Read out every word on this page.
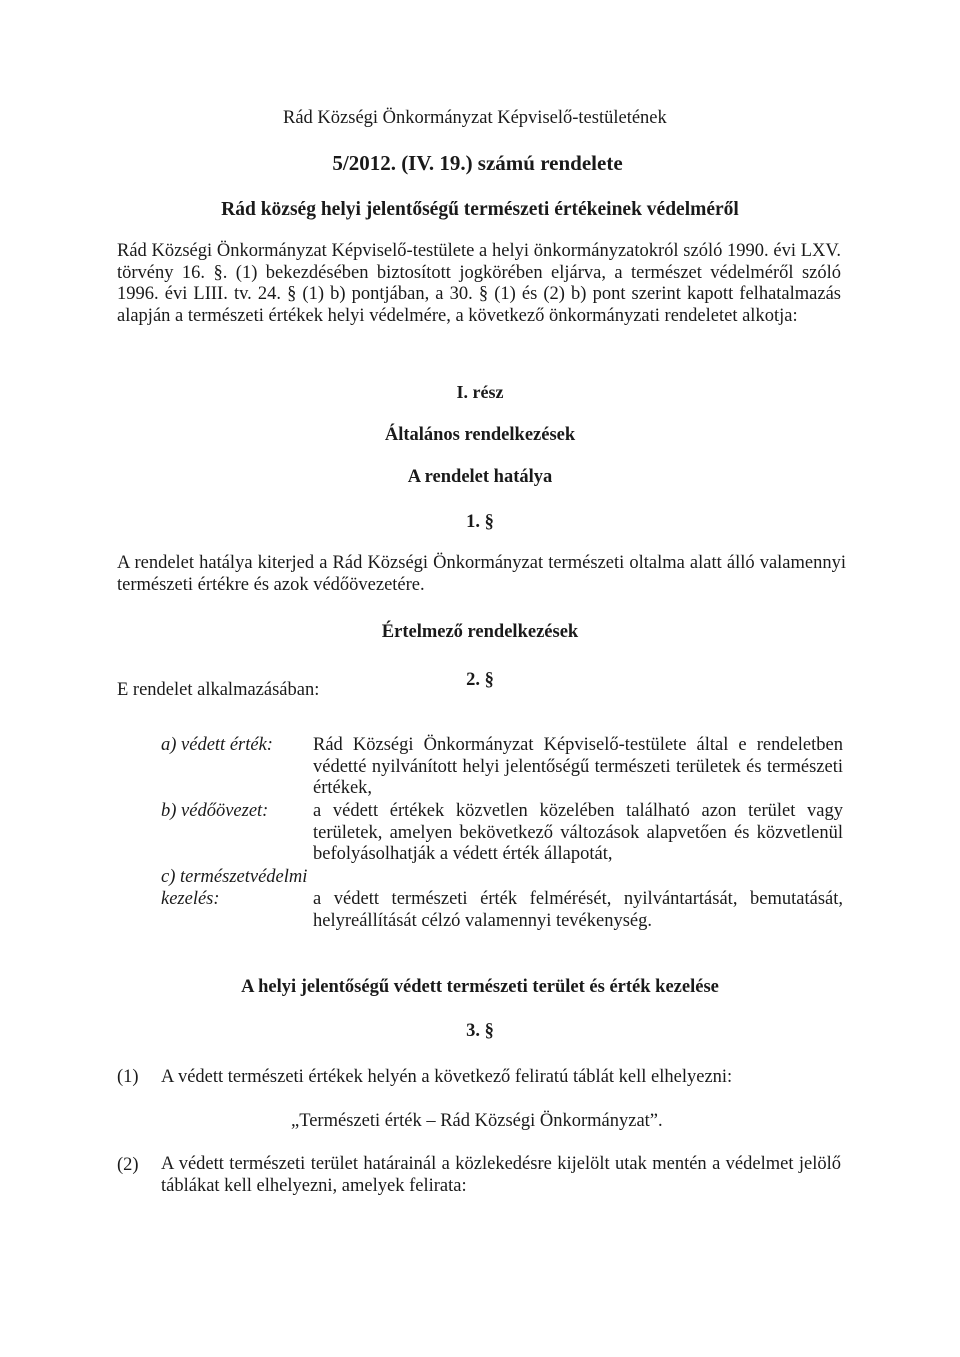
Rád Községi Önkormányzat Képviselő-testületének
5/2012. (IV. 19.) számú rendelete
Rád község helyi jelentőségű természeti értékeinek védelméről
Rád Községi Önkormányzat Képviselő-testülete a helyi önkormányzatokról szóló 1990. évi LXV. törvény 16. §. (1) bekezdésében biztosított jogkörében eljárva, a természet védelméről szóló 1996. évi LIII. tv. 24. § (1) b) pontjában, a 30. § (1) és (2) b) pont szerint kapott felhatalmazás alapján a természeti értékek helyi védelmére, a következő önkormányzati rendeletet alkotja:
I. rész
Általános rendelkezések
A rendelet hatálya
1. §
A rendelet hatálya kiterjed a Rád Községi Önkormányzat természeti oltalma alatt álló valamennyi természeti értékre és azok védőövezetére.
Értelmező rendelkezések
E rendelet alkalmazásában:	2. §
a) védett érték:	Rád Községi Önkormányzat Képviselő-testülete által e rendeletben védetté nyilvánított helyi jelentőségű természeti területek és természeti értékek,
b) védőövezet:	a védett értékek közvetlen közelében található azon terület vagy területek, amelyen bekövetkező változások alapvetően és közvetlenül befolyásolhatják a védett érték állapotát,
c) természetvédelmi kezelés:	a védett természeti érték felmérését, nyilvántartását, bemutatását, helyreállítását célzó valamennyi tevékenység.
A helyi jelentőségű védett természeti terület és érték kezelése
3. §
(1) A védett természeti értékek helyén a következő feliratú táblát kell elhelyezni:
„Természeti érték – Rád Községi Önkormányzat”.
(2) A védett természeti terület határainál a közlekedésre kijelölt utak mentén a védelmet jelölő táblákat kell elhelyezni, amelyek felirata:
